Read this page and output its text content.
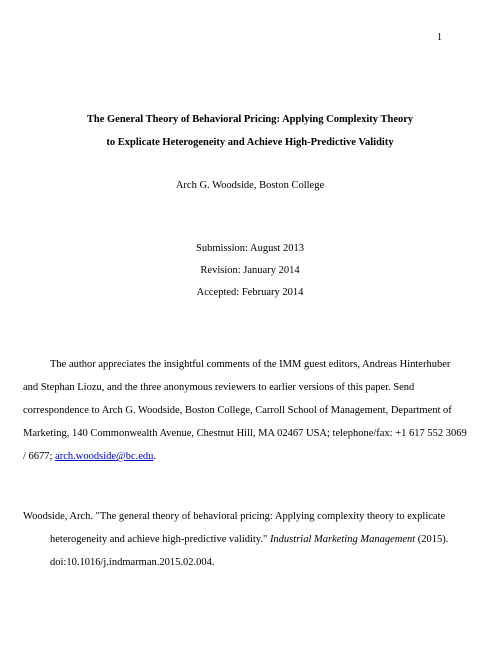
1
The General Theory of Behavioral Pricing: Applying Complexity Theory
to Explicate Heterogeneity and Achieve High-Predictive Validity
Arch G. Woodside, Boston College
Submission: August 2013
Revision: January 2014
Accepted: February 2014
The author appreciates the insightful comments of the IMM guest editors, Andreas Hinterhuber
and Stephan Liozu, and the three anonymous reviewers to earlier versions of this paper. Send
correspondence to Arch G. Woodside, Boston College, Carroll School of Management, Department of
Marketing, 140 Commonwealth Avenue, Chestnut Hill, MA 02467 USA; telephone/fax: +1 617 552 3069
/ 6677; arch.woodside@bc.edu.
Woodside, Arch. "The general theory of behavioral pricing: Applying complexity theory to explicate
heterogeneity and achieve high-predictive validity." Industrial Marketing Management (2015).
doi:10.1016/j.indmarman.2015.02.004.
